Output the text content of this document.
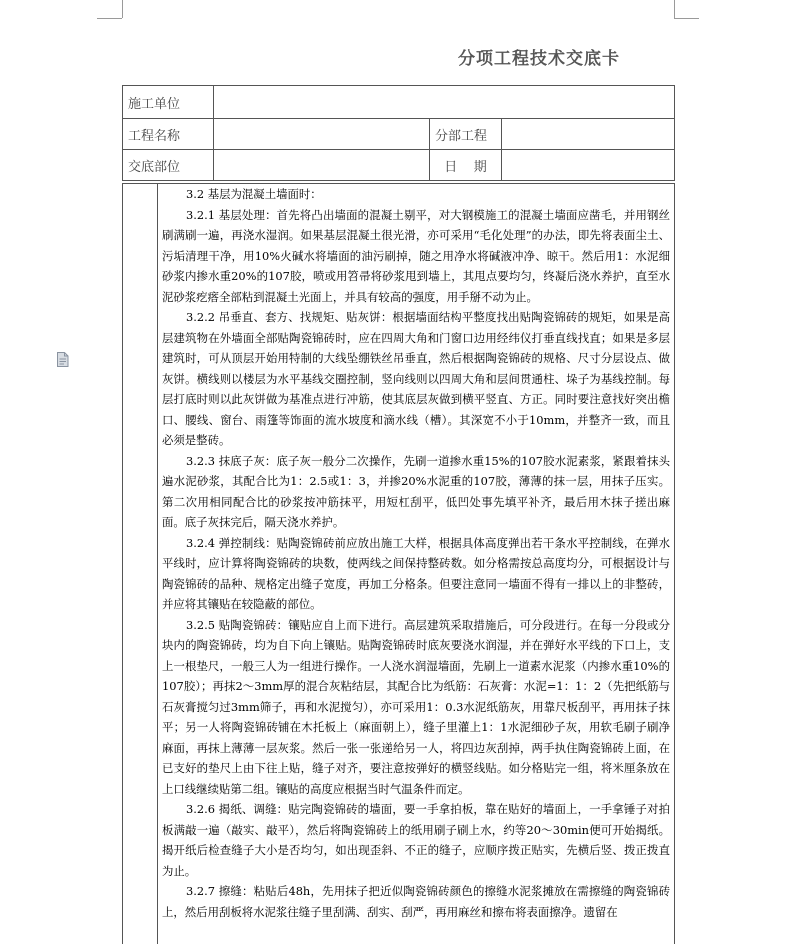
分项工程技术交底卡
施工单位			
工程名称		分部工程	
交底部位		日    期	

3.2 基层为混凝土墙面时：

3.2.1 基层处理：首先将凸出墙面的混凝土剔平，对大钢模施工的混凝土墙面应凿毛，并用钢丝刷满刷一遍，再浇水湿润。如果基层混凝土很光滑，亦可采用“毛化处理”的办法，即先将表面尘土、污垢清理干净，用10%火碱水将墙面的油污刷掉，随之用净水将碱液冲净、晾干。然后用1：水泥细砂浆内掺水重20%的107胶，喷或用笤帚将砂浆甩到墙上，其甩点要均匀，终凝后浇水养护，直至水泥砂浆疙瘩全部粘到混凝土光面上，并具有较高的强度，用手掰不动为止。

3.2.2 吊垂直、套方、找规矩、贴灰饼：根据墙面结构平整度找出贴陶瓷锦砖的规矩，如果是高层建筑物在外墙面全部贴陶瓷锦砖时，应在四周大角和门窗口边用经纬仪打垂直线找直；如果是多层建筑时，可从顶层开始用特制的大线坠绷铁丝吊垂直，然后根据陶瓷锦砖的规格、尺寸分层设点、做灰饼。横线则以楼层为水平基线交圈控制，竖向线则以四周大角和层间贯通柱、垛子为基线控制。每层打底时则以此灰饼做为基准点进行冲筋，使其底层灰做到横平竖直、方正。同时要注意找好突出檐口、腰线、窗台、雨篷等饰面的流水坡度和滴水线（槽）。其深宽不小于10mm，并整齐一致，而且必须是整砖。

3.2.3 抹底子灰：底子灰一般分二次操作，先刷一道掺水重15%的107胶水泥素浆，紧跟着抹头遍水泥砂浆，其配合比为1：2.5或1：3，并掺20%水泥重的107胶，薄薄的抹一层，用抹子压实。第二次用相同配合比的砂浆按冲筋抹平，用短杠刮平，低凹处事先填平补齐，最后用木抹子搓出麻面。底子灰抹完后，隔天浇水养护。

3.2.4 弹控制线：贴陶瓷锦砖前应放出施工大样，根据具体高度弹出若干条水平控制线，在弹水平线时，应计算将陶瓷锦砖的块数，使两线之间保持整砖数。如分格需按总高度均分，可根据设计与陶瓷锦砖的品种、规格定出缝子宽度，再加工分格条。但要注意同一墙面不得有一排以上的非整砖，并应将其镶贴在较隐蔽的部位。

3.2.5 贴陶瓷锦砖：镶贴应自上而下进行。高层建筑采取措施后，可分段进行。在每一分段或分块内的陶瓷锦砖，均为自下向上镶贴。贴陶瓷锦砖时底灰要浇水润湿，并在弹好水平线的下口上，支上一根垫尺，一般三人为一组进行操作。一人浇水润湿墙面，先刷上一道素水泥浆（内掺水重10%的107胶）；再抹2～3mm厚的混合灰粘结层，其配合比为纸筋：石灰膏：水泥=1：1：2（先把纸筋与石灰膏搅匀过3mm筛子，再和水泥搅匀），亦可采用1：0.3水泥纸筋灰，用靠尺板刮平，再用抹子抹平；另一人将陶瓷锦砖铺在木托板上（麻面朝上），缝子里灌上1：1水泥细砂子灰，用软毛刷子刷净麻面，再抹上薄薄一层灰浆。然后一张一张递给另一人，将四边灰刮掉，两手执住陶瓷锦砖上面，在已支好的垫尺上由下往上贴，缝子对齐，要注意按弹好的横竖线贴。如分格贴完一组，将米厘条放在上口线继续贴第二组。镶贴的高度应根据当时气温条件而定。

3.2.6 揭纸、调缝：贴完陶瓷锦砖的墙面，要一手拿拍板，靠在贴好的墙面上，一手拿锤子对拍板满敲一遍（敲实、敲平），然后将陶瓷锦砖上的纸用刷子刷上水，约等20～30min便可开始揭纸。揭开纸后检查缝子大小是否均匀，如出现歪斜、不正的缝子，应顺序拨正贴实，先横后竖、拨正拨直为止。

3.2.7 擦缝：粘贴后48h，先用抹子把近似陶瓷锦砖颜色的擦缝水泥浆摊放在需擦缝的陶瓷锦砖上，然后用刮板将水泥浆往缝子里刮满、刮实、刮严，再用麻丝和擦布将表面擦净。遗留在
